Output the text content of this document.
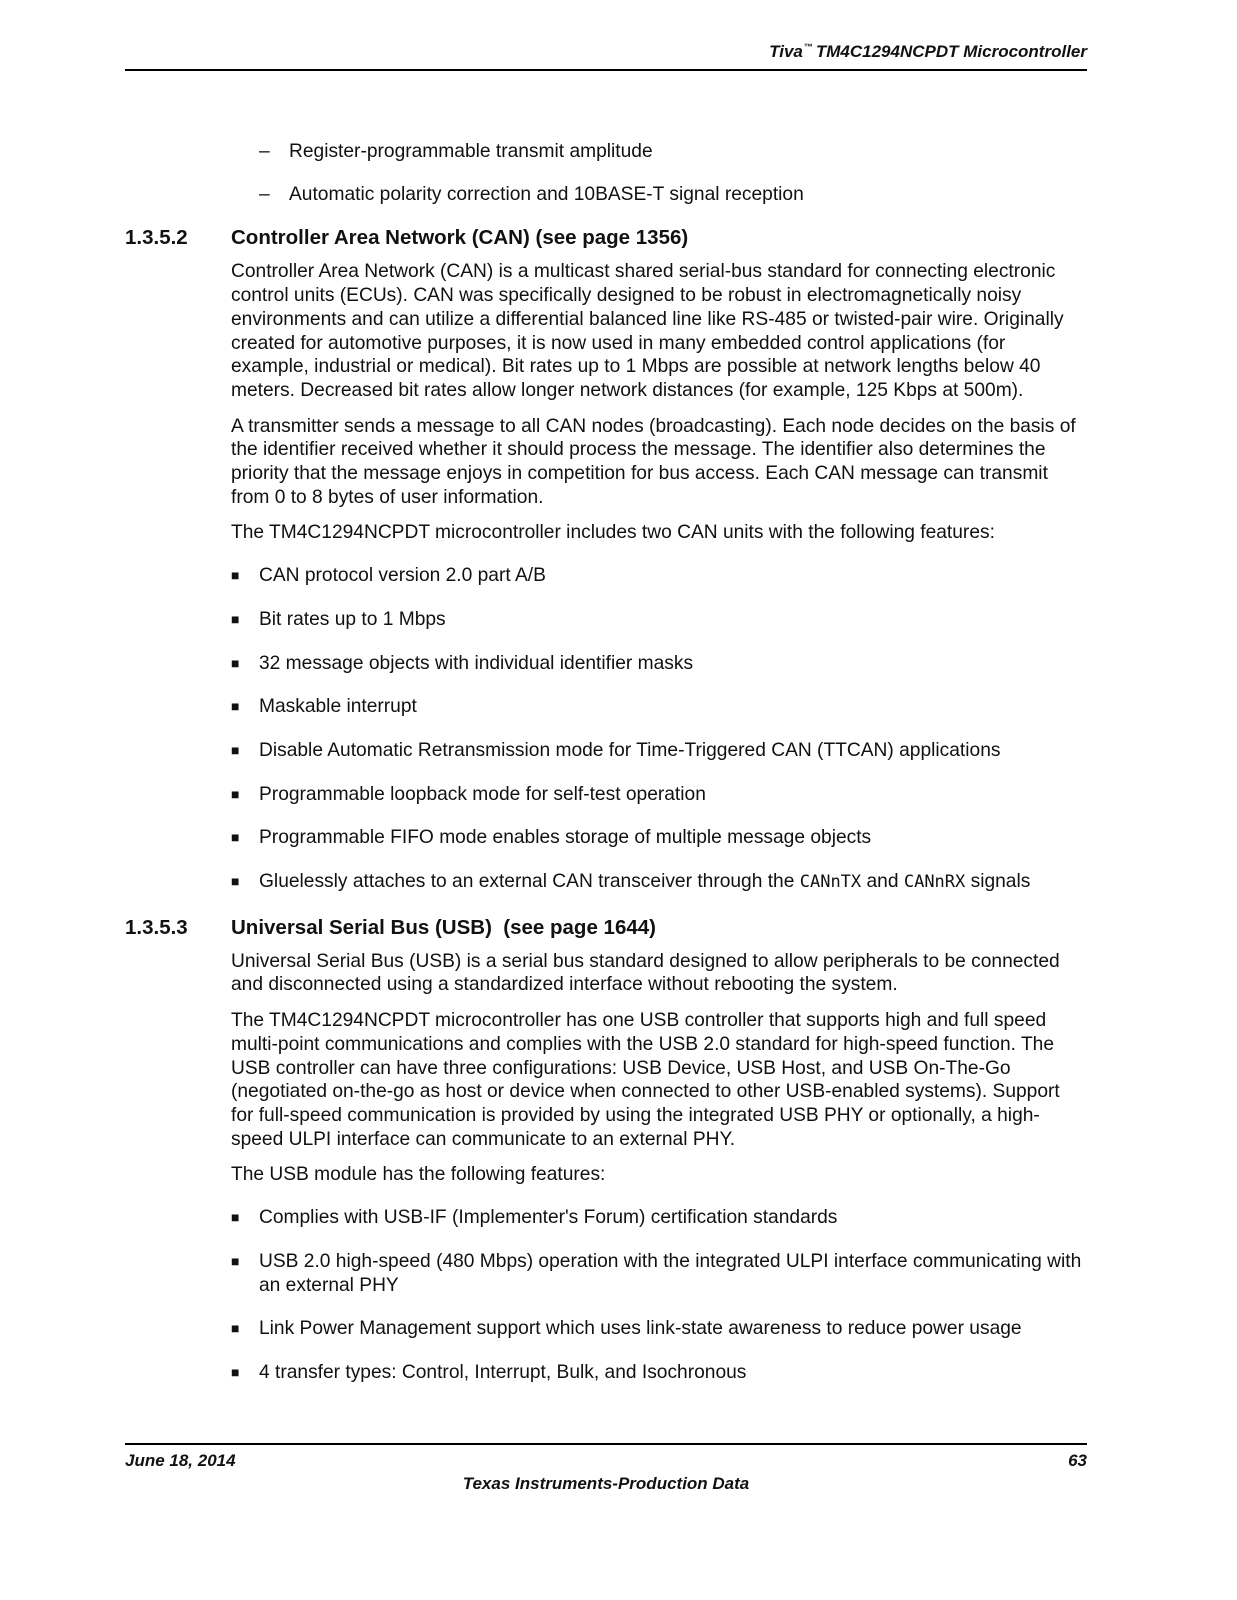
Tiva™ TM4C1294NCPDT Microcontroller
– Register-programmable transmit amplitude
– Automatic polarity correction and 10BASE-T signal reception
1.3.5.2 Controller Area Network (CAN) (see page 1356)
Controller Area Network (CAN) is a multicast shared serial-bus standard for connecting electronic control units (ECUs). CAN was specifically designed to be robust in electromagnetically noisy environments and can utilize a differential balanced line like RS-485 or twisted-pair wire. Originally created for automotive purposes, it is now used in many embedded control applications (for example, industrial or medical). Bit rates up to 1 Mbps are possible at network lengths below 40 meters. Decreased bit rates allow longer network distances (for example, 125 Kbps at 500m).
A transmitter sends a message to all CAN nodes (broadcasting). Each node decides on the basis of the identifier received whether it should process the message. The identifier also determines the priority that the message enjoys in competition for bus access. Each CAN message can transmit from 0 to 8 bytes of user information.
The TM4C1294NCPDT microcontroller includes two CAN units with the following features:
■ CAN protocol version 2.0 part A/B
■ Bit rates up to 1 Mbps
■ 32 message objects with individual identifier masks
■ Maskable interrupt
■ Disable Automatic Retransmission mode for Time-Triggered CAN (TTCAN) applications
■ Programmable loopback mode for self-test operation
■ Programmable FIFO mode enables storage of multiple message objects
■ Gluelessly attaches to an external CAN transceiver through the CANnTX and CANnRX signals
1.3.5.3 Universal Serial Bus (USB)  (see page 1644)
Universal Serial Bus (USB) is a serial bus standard designed to allow peripherals to be connected and disconnected using a standardized interface without rebooting the system.
The TM4C1294NCPDT microcontroller has one USB controller that supports high and full speed multi-point communications and complies with the USB 2.0 standard for high-speed function. The USB controller can have three configurations: USB Device, USB Host, and USB On-The-Go (negotiated on-the-go as host or device when connected to other USB-enabled systems). Support for full-speed communication is provided by using the integrated USB PHY or optionally, a high-speed ULPI interface can communicate to an external PHY.
The USB module has the following features:
■ Complies with USB-IF (Implementer's Forum) certification standards
■ USB 2.0 high-speed (480 Mbps) operation with the integrated ULPI interface communicating with an external PHY
■ Link Power Management support which uses link-state awareness to reduce power usage
■ 4 transfer types: Control, Interrupt, Bulk, and Isochronous
June 18, 2014	63
Texas Instruments-Production Data
